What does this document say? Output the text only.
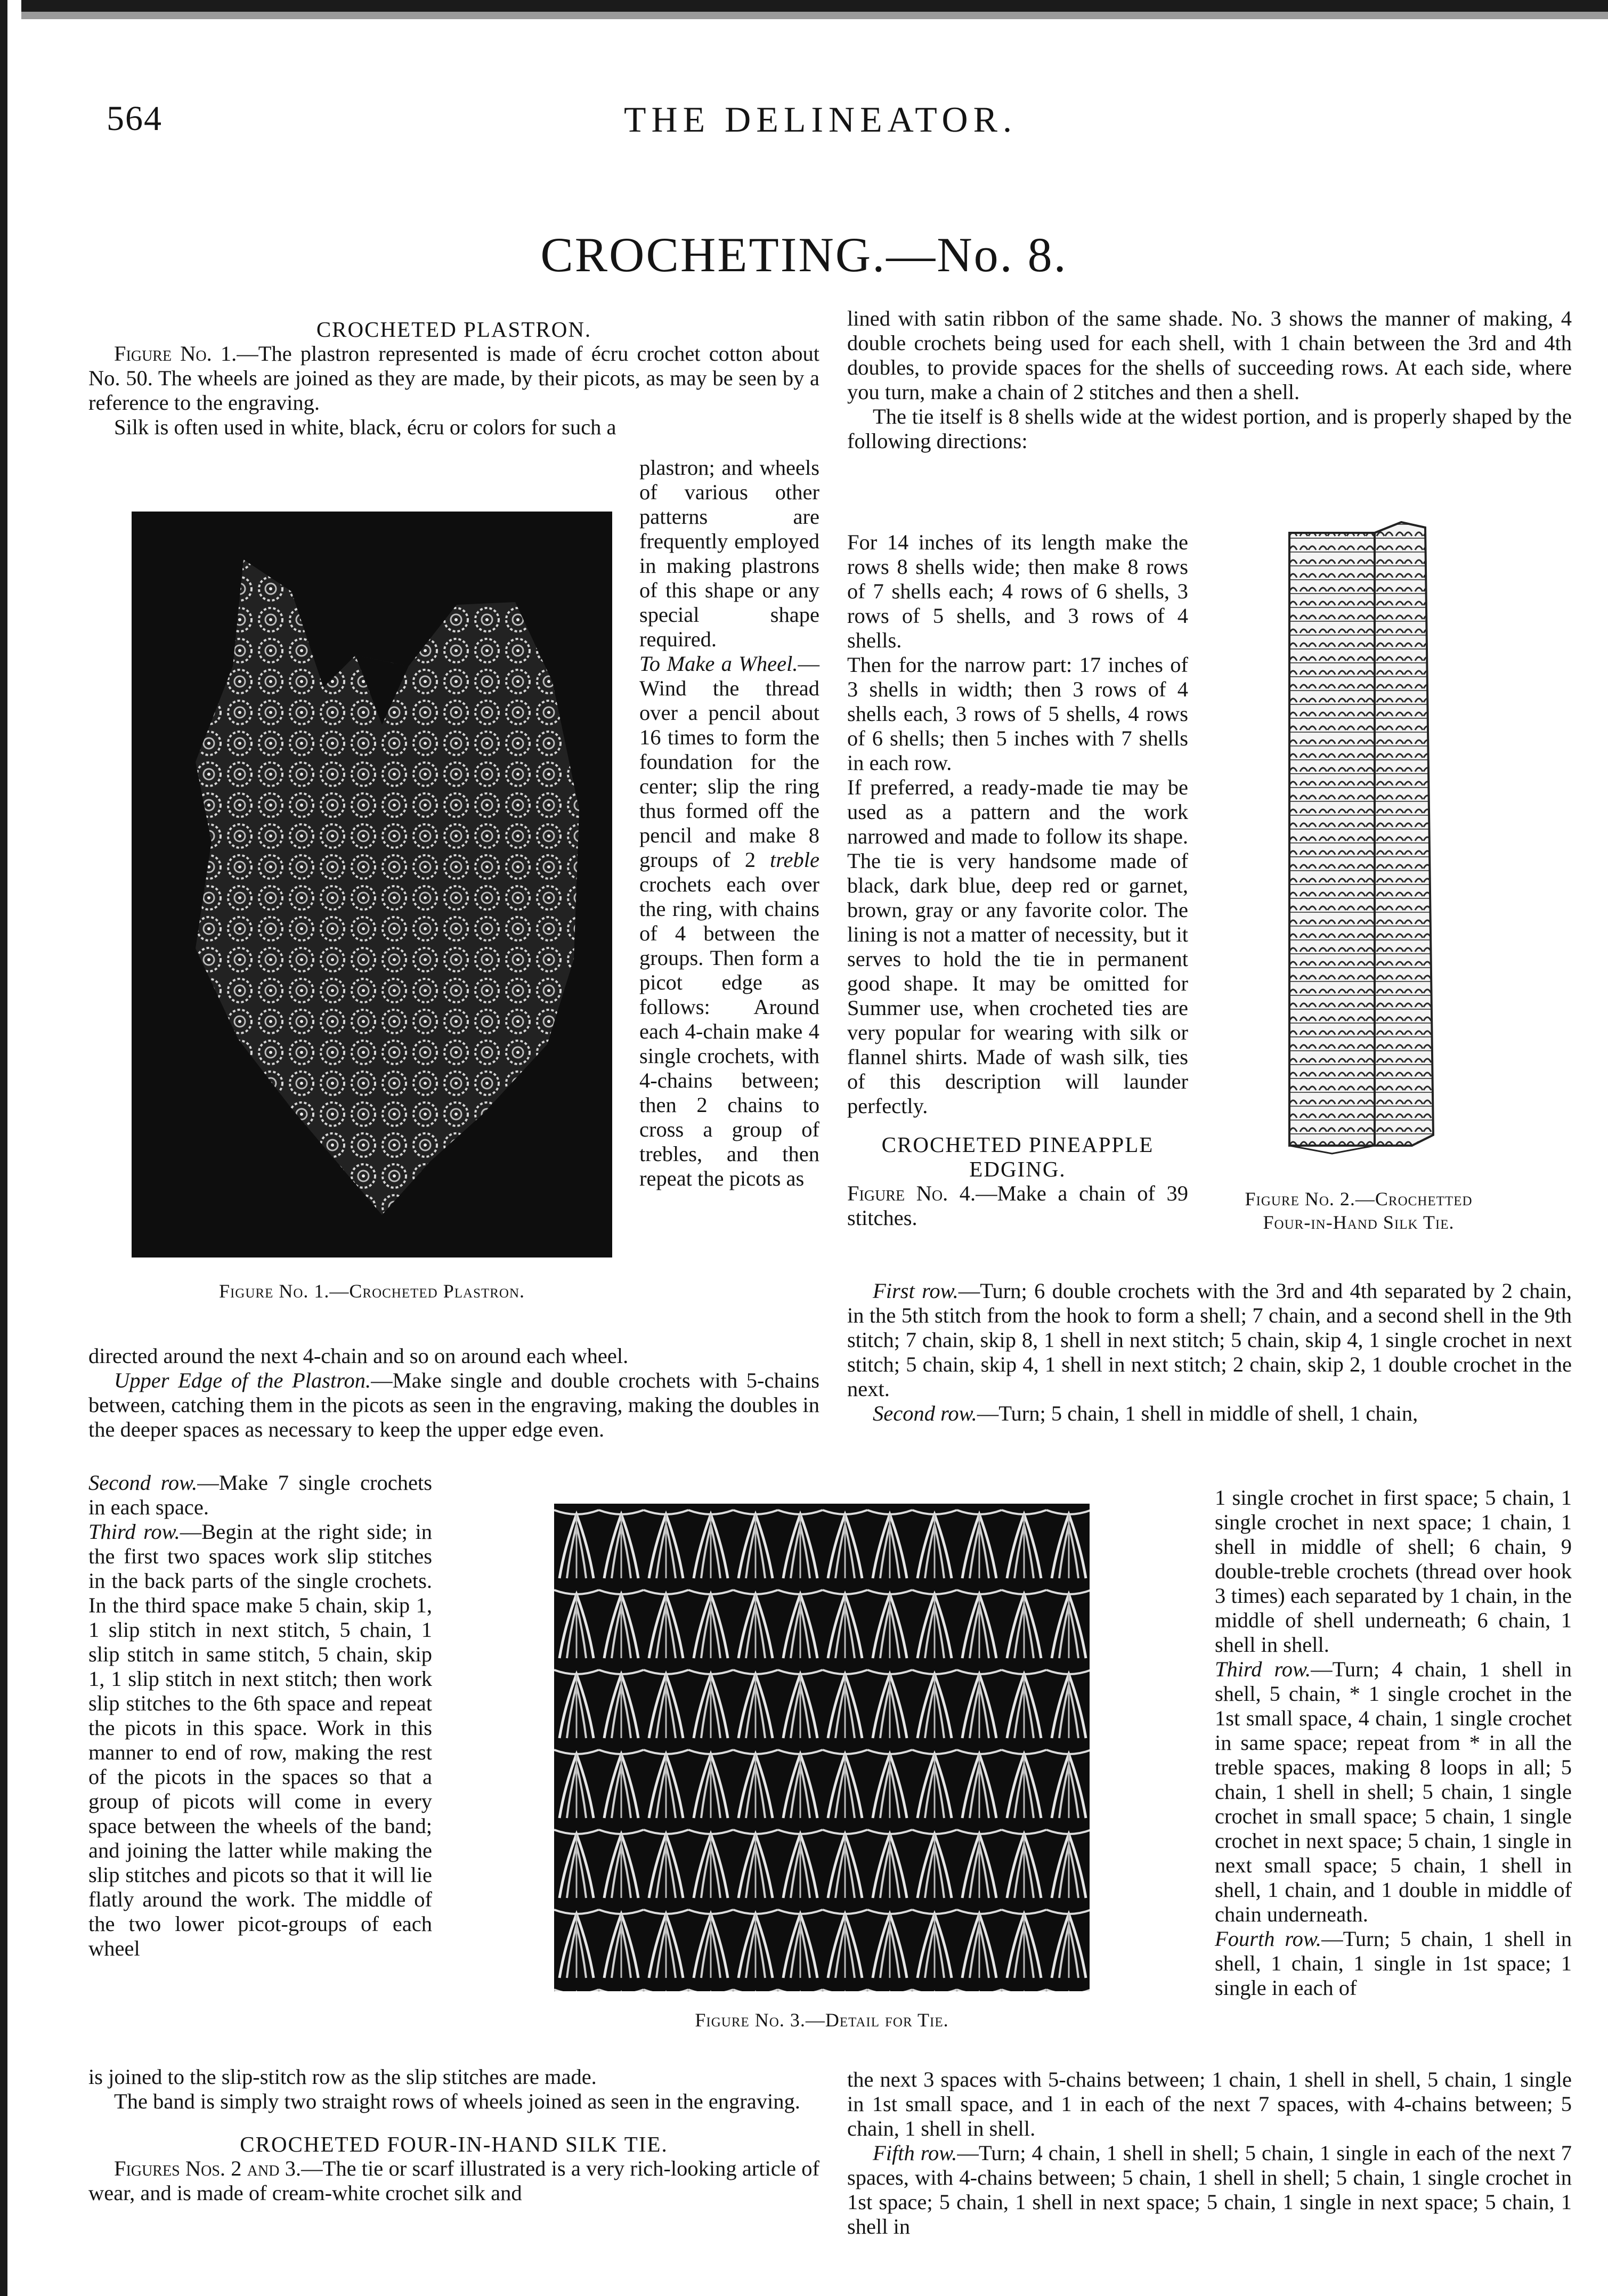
564	THE DELINEATOR.
CROCHETING.—No. 8.
CROCHETED PLASTRON.

Figure No. 1.—The plastron represented is made of écru crochet cotton about No. 50. The wheels are joined as they are made, by their picots, as may be seen by a reference to the engraving.

Silk is often used in white, black, écru or colors for such a

Figure No. 1.—Crocheted Plastron.

plastron; and wheels of various other patterns are frequently employed in making plastrons of this shape or any special shape required.

To Make a Wheel.—Wind the thread over a pencil about 16 times to form the foundation for the center; slip the ring thus formed off the pencil and make 8 groups of 2 treble crochets each over the ring, with chains of 4 between the groups. Then form a picot edge as follows: Around each 4-chain make 4 single crochets, with 4-chains between; then 2 chains to cross a group of trebles, and then repeat the picots as

directed around the next 4-chain and so on around each wheel.

Upper Edge of the Plastron.—Make single and double crochets with 5-chains between, catching them in the picots as seen in the engraving, making the doubles in the deeper spaces as necessary to keep the upper edge even.

Second row.—Make 7 single crochets in each space.

Third row.—Begin at the right side; in the first two spaces work slip stitches in the back parts of the single crochets. In the third space make 5 chain, skip 1, 1 slip stitch in next stitch, 5 chain, 1 slip stitch in same stitch, 5 chain, skip 1, 1 slip stitch in next stitch; then work slip stitches to the 6th space and repeat the picots in this space. Work in this manner to end of row, making the rest of the picots in the spaces so that a group of picots will come in every space between the wheels of the band; and joining the latter while making the slip stitches and picots so that it will lie flatly around the work. The middle of the two lower picot-groups of each wheel

is joined to the slip-stitch row as the slip stitches are made.

The band is simply two straight rows of wheels joined as seen in the engraving.

CROCHETED FOUR-IN-HAND SILK TIE.

Figures Nos. 2 and 3.—The tie or scarf illustrated is a very rich-looking article of wear, and is made of cream-white crochet silk and

Figure No. 3.—Detail for Tie.

lined with satin ribbon of the same shade. No. 3 shows the manner of making, 4 double crochets being used for each shell, with 1 chain between the 3rd and 4th doubles, to provide spaces for the shells of succeeding rows. At each side, where you turn, make a chain of 2 stitches and then a shell.

The tie itself is 8 shells wide at the widest portion, and is properly shaped by the following directions:

For 14 inches of its length make the rows 8 shells wide; then make 8 rows of 7 shells each; 4 rows of 6 shells, 3 rows of 5 shells, and 3 rows of 4 shells.

Then for the narrow part: 17 inches of 3 shells in width; then 3 rows of 4 shells each, 3 rows of 5 shells, 4 rows of 6 shells; then 5 inches with 7 shells in each row.

If preferred, a ready-made tie may be used as a pattern and the work narrowed and made to follow its shape. The tie is very handsome made of black, dark blue, deep red or garnet, brown, gray or any favorite color. The lining is not a matter of necessity, but it serves to hold the tie in permanent good shape. It may be omitted for Summer use, when crocheted ties are very popular for wearing with silk or flannel shirts. Made of wash silk, ties of this description will launder perfectly.

CROCHETED PINEAPPLE
EDGING.

Figure No. 4.—Make a chain of 39 stitches.

Figure No. 2.—Crochetted
Four-in-Hand Silk Tie.

First row.—Turn; 6 double crochets with the 3rd and 4th separated by 2 chain, in the 5th stitch from the hook to form a shell; 7 chain, and a second shell in the 9th stitch; 7 chain, skip 8, 1 shell in next stitch; 5 chain, skip 4, 1 single crochet in next stitch; 5 chain, skip 4, 1 shell in next stitch; 2 chain, skip 2, 1 double crochet in the next.

Second row.—Turn; 5 chain, 1 shell in middle of shell, 1 chain,

1 single crochet in first space; 5 chain, 1 single crochet in next space; 1 chain, 1 shell in middle of shell; 6 chain, 9 double-treble crochets (thread over hook 3 times) each separated by 1 chain, in the middle of shell underneath; 6 chain, 1 shell in shell.

Third row.—Turn; 4 chain, 1 shell in shell, 5 chain, * 1 single crochet in the 1st small space, 4 chain, 1 single crochet in same space; repeat from * in all the treble spaces, making 8 loops in all; 5 chain, 1 shell in shell; 5 chain, 1 single crochet in small space; 5 chain, 1 single crochet in next space; 5 chain, 1 single in next small space; 5 chain, 1 shell in shell, 1 chain, and 1 double in middle of chain underneath.

Fourth row.—Turn; 5 chain, 1 shell in shell, 1 chain, 1 single in 1st space; 1 single in each of

the next 3 spaces with 5-chains between; 1 chain, 1 shell in shell, 5 chain, 1 single in 1st small space, and 1 in each of the next 7 spaces, with 4-chains between; 5 chain, 1 shell in shell.

Fifth row.—Turn; 4 chain, 1 shell in shell; 5 chain, 1 single in each of the next 7 spaces, with 4-chains between; 5 chain, 1 shell in shell; 5 chain, 1 single crochet in 1st space; 5 chain, 1 shell in next space; 5 chain, 1 single in next space; 5 chain, 1 shell in
